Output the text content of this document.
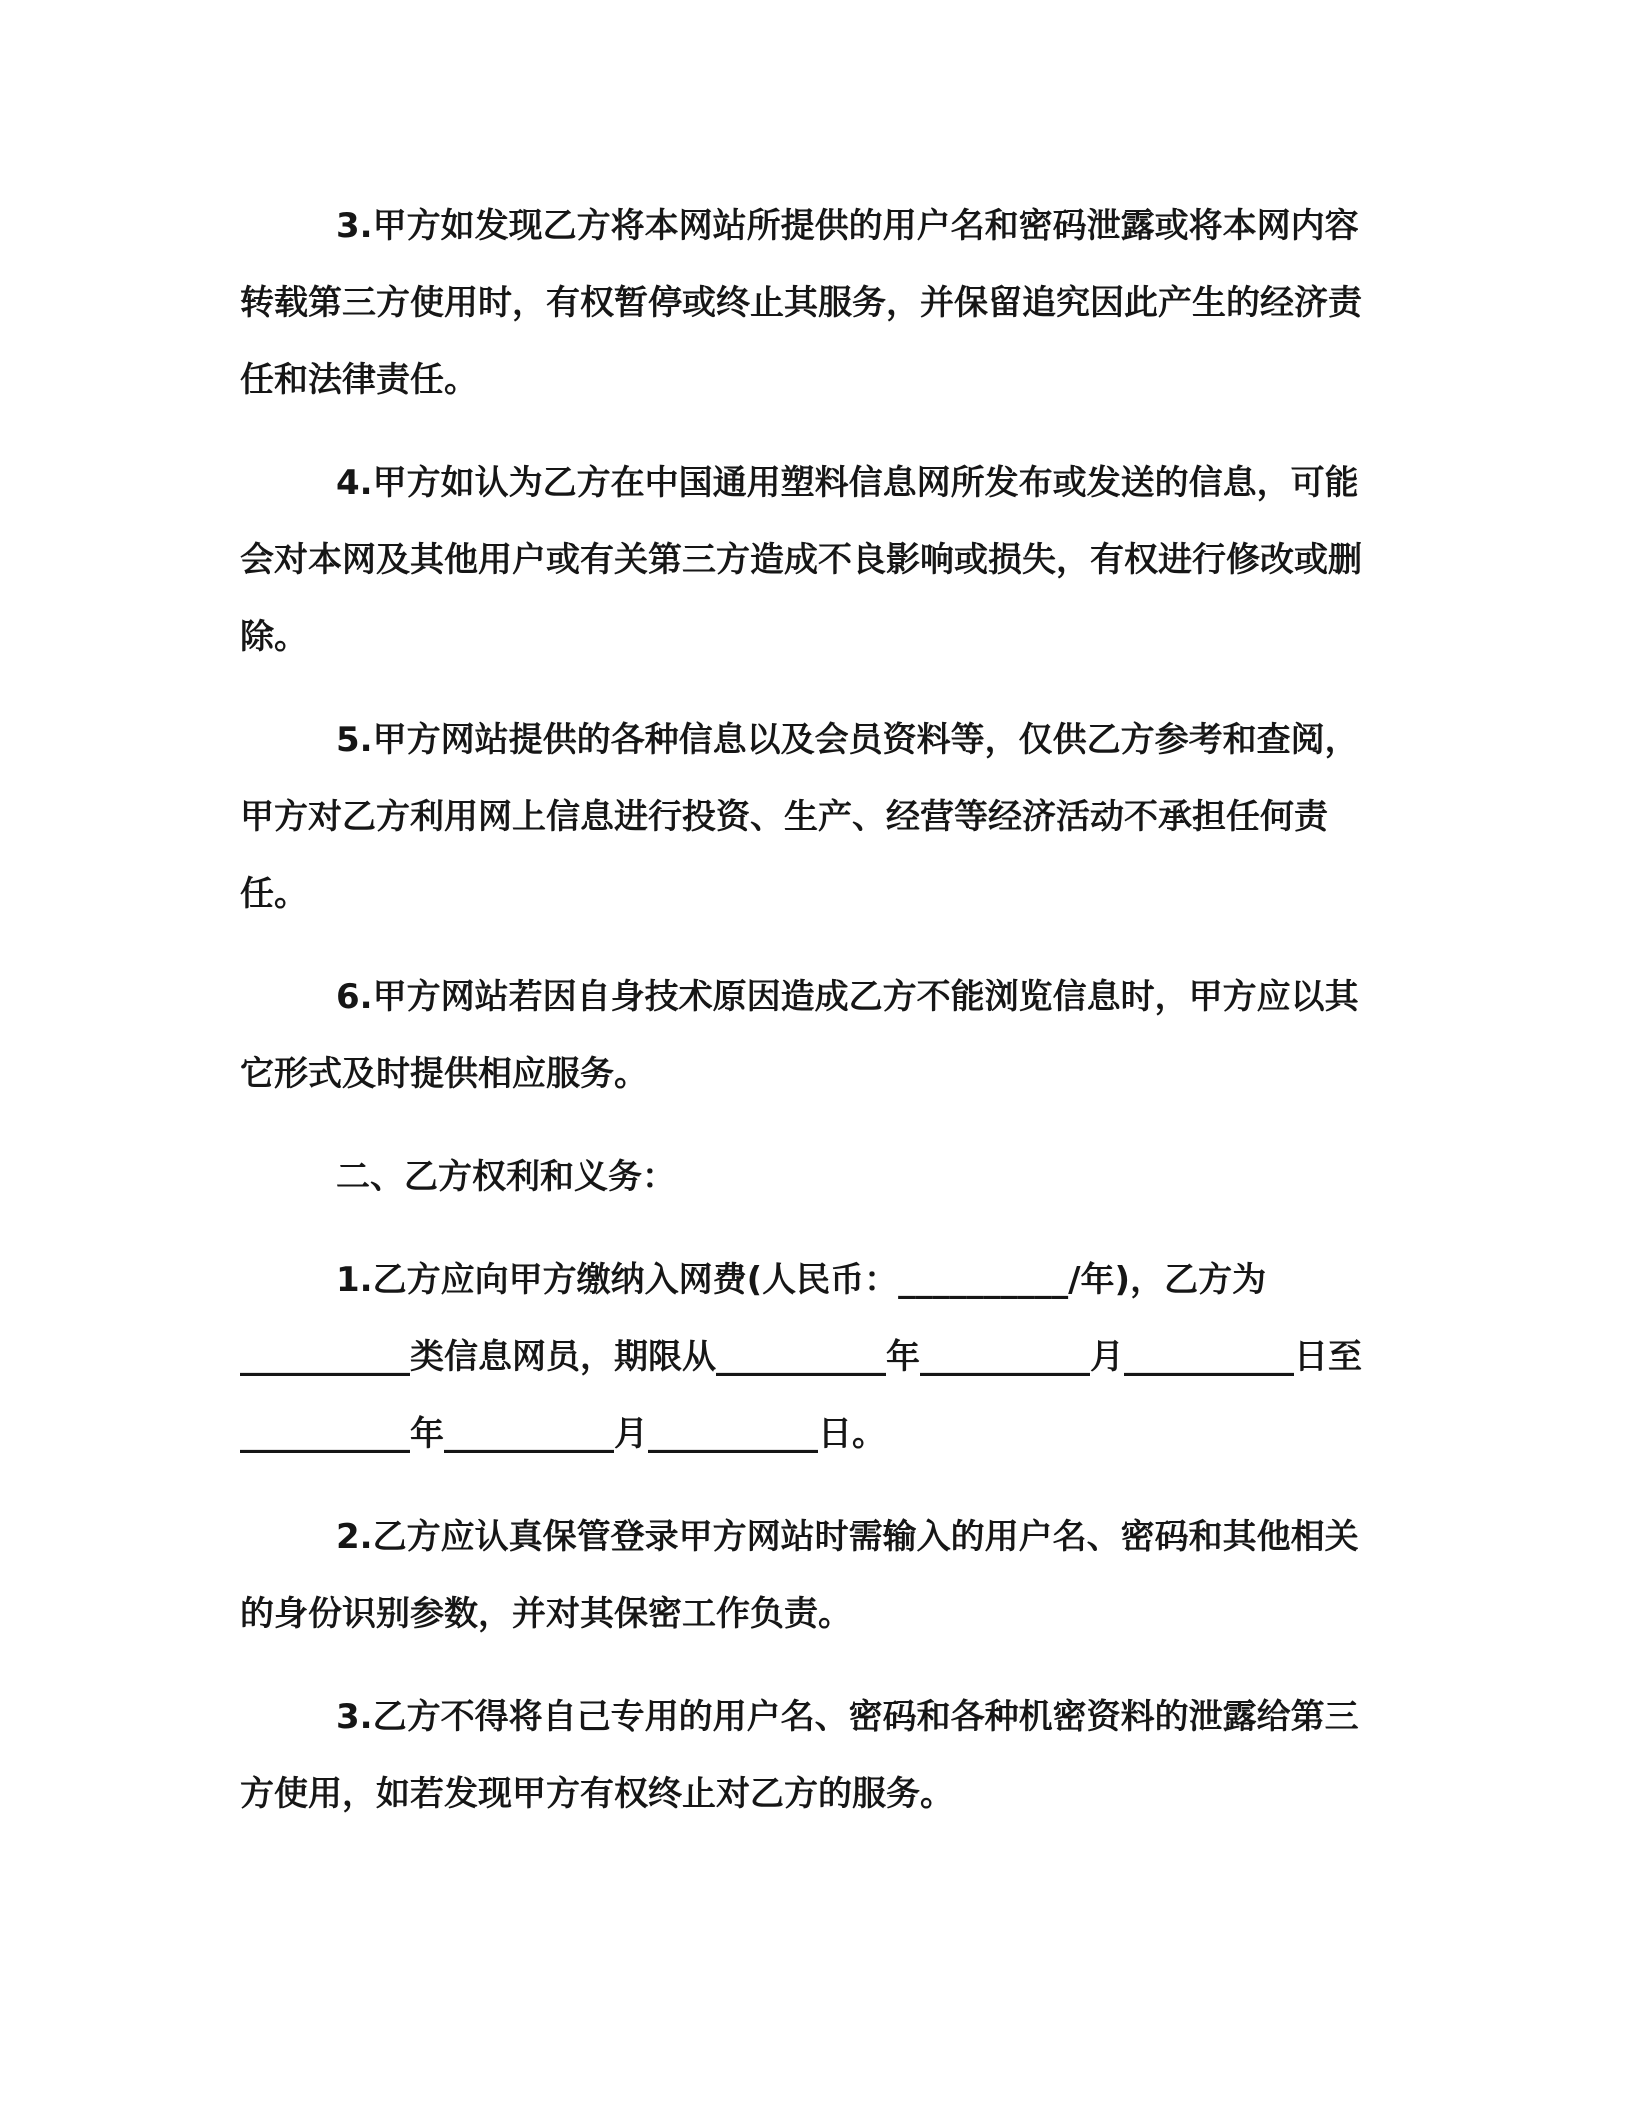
3.甲方如发现乙方将本网站所提供的用户名和密码泄露或将本网内容转载第三方使用时，有权暂停或终止其服务，并保留追究因此产生的经济责任和法律责任。

4.甲方如认为乙方在中国通用塑料信息网所发布或发送的信息，可能会对本网及其他用户或有关第三方造成不良影响或损失，有权进行修改或删除。

5.甲方网站提供的各种信息以及会员资料等，仅供乙方参考和查阅，甲方对乙方利用网上信息进行投资、生产、经营等经济活动不承担任何责任。

6.甲方网站若因自身技术原因造成乙方不能浏览信息时，甲方应以其它形式及时提供相应服务。

二、乙方权利和义务：

1.乙方应向甲方缴纳入网费(人民币：__________/年)，乙方为__________类信息网员，期限从__________年__________月__________日至__________年__________月__________日。

2.乙方应认真保管登录甲方网站时需输入的用户名、密码和其他相关的身份识别参数，并对其保密工作负责。

3.乙方不得将自己专用的用户名、密码和各种机密资料的泄露给第三方使用，如若发现甲方有权终止对乙方的服务。
